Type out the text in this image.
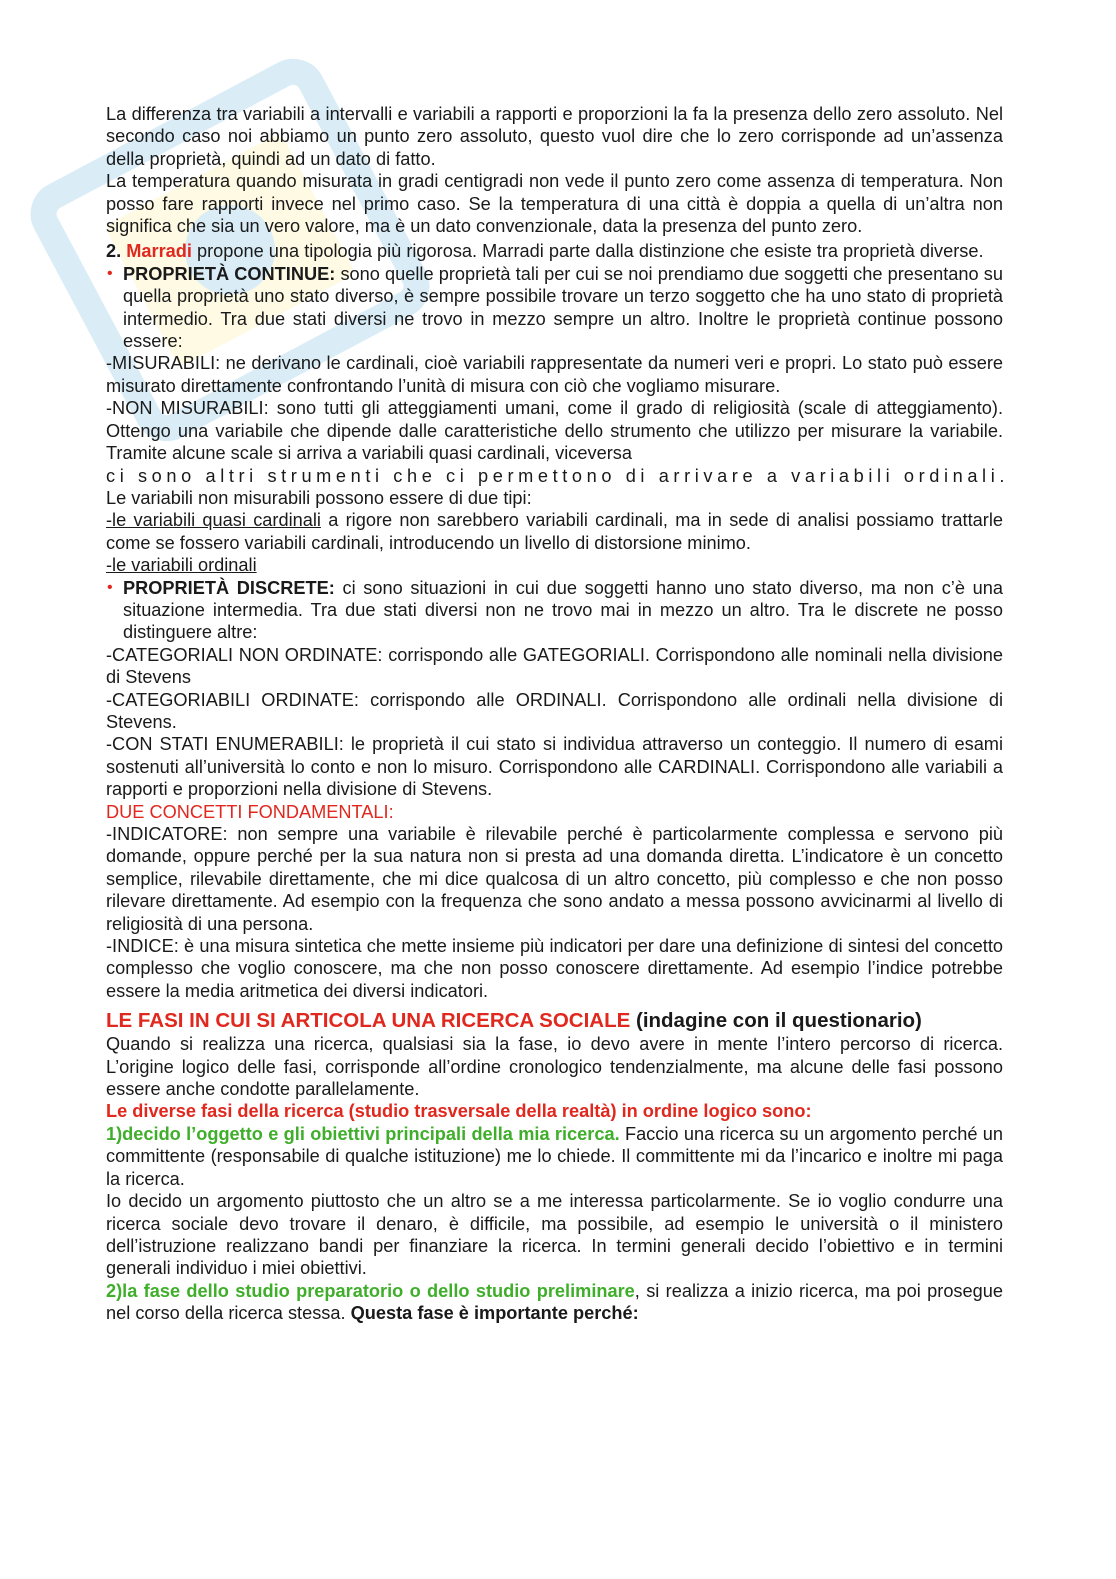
La differenza tra variabili a intervalli e variabili a rapporti e proporzioni la fa la presenza dello zero assoluto. Nel secondo caso noi abbiamo un punto zero assoluto, questo vuol dire che lo zero corrisponde ad un’assenza della proprietà, quindi ad un dato di fatto.

La temperatura quando misurata in gradi centigradi non vede il punto zero come assenza di temperatura. Non posso fare rapporti invece nel primo caso. Se la temperatura di una città è doppia a quella di un’altra non significa che sia un vero valore, ma è un dato convenzionale, data la presenza del punto zero.

2. Marradi propone una tipologia più rigorosa. Marradi parte dalla distinzione che esiste tra proprietà diverse.

• PROPRIETÀ CONTINUE: sono quelle proprietà tali per cui se noi prendiamo due soggetti che presentano su quella proprietà uno stato diverso, è sempre possibile trovare un terzo soggetto che ha uno stato di proprietà intermedio. Tra due stati diversi ne trovo in mezzo sempre un altro. Inoltre le proprietà continue possono essere:

-MISURABILI: ne derivano le cardinali, cioè variabili rappresentate da numeri veri e propri. Lo stato può essere misurato direttamente confrontando l’unità di misura con ciò che vogliamo misurare.

-NON MISURABILI: sono tutti gli atteggiamenti umani, come il grado di religiosità (scale di atteggiamento). Ottengo una variabile che dipende dalle caratteristiche dello strumento che utilizzo per misurare la variabile. Tramite alcune scale si arriva a variabili quasi cardinali, viceversa

ci sono altri strumenti che ci permettono di arrivare a variabili ordinali.

Le variabili non misurabili possono essere di due tipi:

-le variabili quasi cardinali a rigore non sarebbero variabili cardinali, ma in sede di analisi possiamo trattarle come se fossero variabili cardinali, introducendo un livello di distorsione minimo.

-le variabili ordinali

• PROPRIETÀ DISCRETE: ci sono situazioni in cui due soggetti hanno uno stato diverso, ma non c’è una situazione intermedia. Tra due stati diversi non ne trovo mai in mezzo un altro. Tra le discrete ne posso distinguere altre:

-CATEGORIALI NON ORDINATE: corrispondo alle GATEGORIALI. Corrispondono alle nominali nella divisione di Stevens

-CATEGORIABILI ORDINATE: corrispondo alle ORDINALI. Corrispondono alle ordinali nella divisione di Stevens.

-CON STATI ENUMERABILI: le proprietà il cui stato si individua attraverso un conteggio. Il numero di esami sostenuti all’università lo conto e non lo misuro. Corrispondono alle CARDINALI. Corrispondono alle variabili a rapporti e proporzioni nella divisione di Stevens.

DUE CONCETTI FONDAMENTALI:

-INDICATORE: non sempre una variabile è rilevabile perché è particolarmente complessa e servono più domande, oppure perché per la sua natura non si presta ad una domanda diretta. L’indicatore è un concetto semplice, rilevabile direttamente, che mi dice qualcosa di un altro concetto, più complesso e che non posso rilevare direttamente. Ad esempio con la frequenza che sono andato a messa possono avvicinarmi al livello di religiosità di una persona.

-INDICE: è una misura sintetica che mette insieme più indicatori per dare una definizione di sintesi del concetto complesso che voglio conoscere, ma che non posso conoscere direttamente. Ad esempio l’indice potrebbe essere la media aritmetica dei diversi indicatori.

LE FASI IN CUI SI ARTICOLA UNA RICERCA SOCIALE (indagine con il questionario)

Quando si realizza una ricerca, qualsiasi sia la fase, io devo avere in mente l’intero percorso di ricerca. L’origine logico delle fasi, corrisponde all’ordine cronologico tendenzialmente, ma alcune delle fasi possono essere anche condotte parallelamente.

Le diverse fasi della ricerca (studio trasversale della realtà) in ordine logico sono:

1)decido l’oggetto e gli obiettivi principali della mia ricerca. Faccio una ricerca su un argomento perché un committente (responsabile di qualche istituzione) me lo chiede. Il committente mi da l’incarico e inoltre mi paga la ricerca.

Io decido un argomento piuttosto che un altro se a me interessa particolarmente. Se io voglio condurre una ricerca sociale devo trovare il denaro, è difficile, ma possibile, ad esempio le università o il ministero dell’istruzione realizzano bandi per finanziare la ricerca. In termini generali decido l’obiettivo e in termini generali individuo i miei obiettivi.

2)la fase dello studio preparatorio o dello studio preliminare, si realizza a inizio ricerca, ma poi prosegue nel corso della ricerca stessa. Questa fase è importante perché:
